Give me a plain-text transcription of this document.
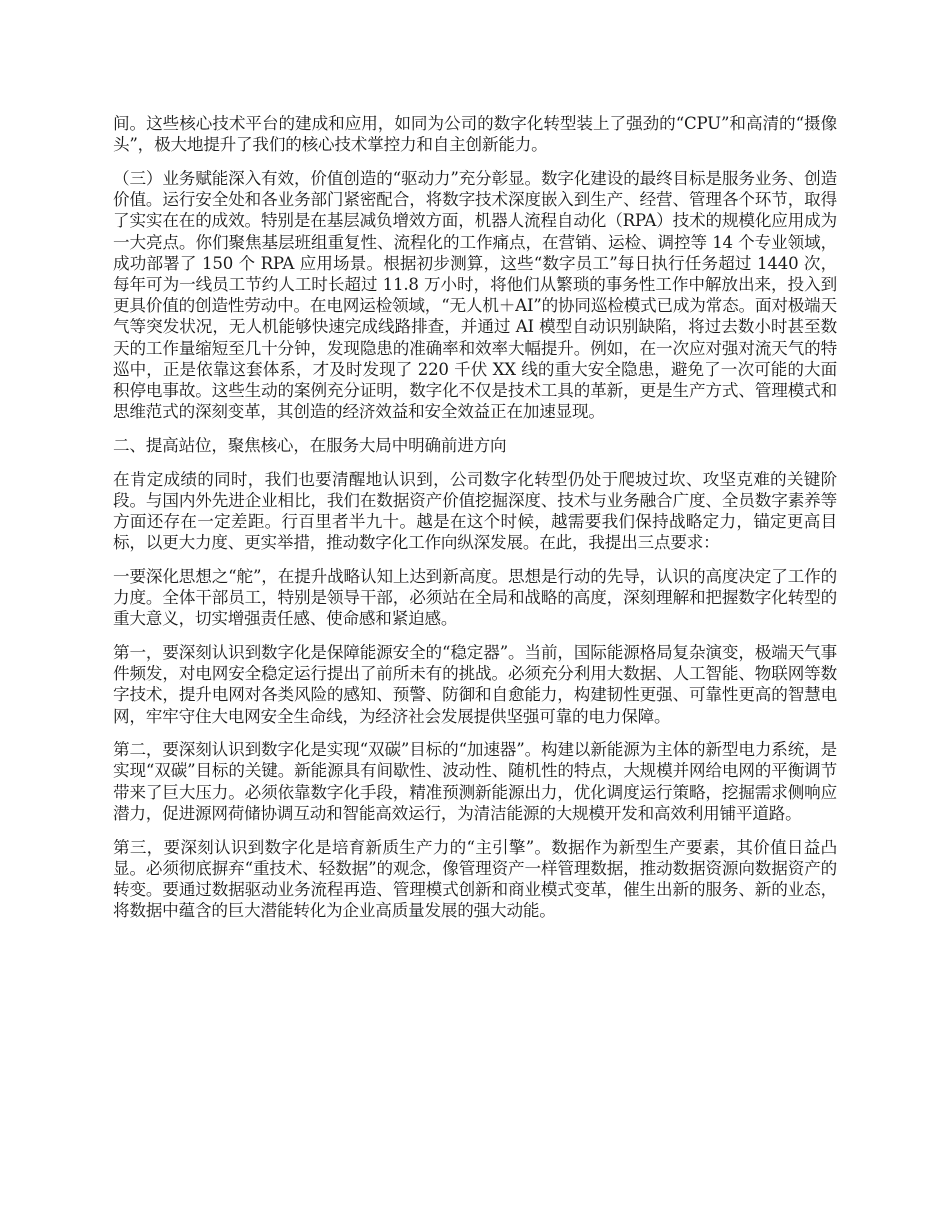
间。这些核心技术平台的建成和应用，如同为公司的数字化转型装上了强劲的“CPU”和高清的“摄像头”，极大地提升了我们的核心技术掌控力和自主创新能力。

（三）业务赋能深入有效，价值创造的“驱动力”充分彰显。数字化建设的最终目标是服务业务、创造价值。运行安全处和各业务部门紧密配合，将数字技术深度嵌入到生产、经营、管理各个环节，取得了实实在在的成效。特别是在基层减负增效方面，机器人流程自动化（RPA）技术的规模化应用成为一大亮点。你们聚焦基层班组重复性、流程化的工作痛点，在营销、运检、调控等 14 个专业领域，成功部署了 150 个 RPA 应用场景。根据初步测算，这些“数字员工”每日执行任务超过 1440 次，每年可为一线员工节约人工时长超过 11.8 万小时，将他们从繁琐的事务性工作中解放出来，投入到更具价值的创造性劳动中。在电网运检领域，“无人机＋AI”的协同巡检模式已成为常态。面对极端天气等突发状况，无人机能够快速完成线路排查，并通过 AI 模型自动识别缺陷，将过去数小时甚至数天的工作量缩短至几十分钟，发现隐患的准确率和效率大幅提升。例如，在一次应对强对流天气的特巡中，正是依靠这套体系，才及时发现了 220 千伏 XX 线的重大安全隐患，避免了一次可能的大面积停电事故。这些生动的案例充分证明，数字化不仅是技术工具的革新，更是生产方式、管理模式和思维范式的深刻变革，其创造的经济效益和安全效益正在加速显现。

二、提高站位，聚焦核心，在服务大局中明确前进方向

在肯定成绩的同时，我们也要清醒地认识到，公司数字化转型仍处于爬坡过坎、攻坚克难的关键阶段。与国内外先进企业相比，我们在数据资产价值挖掘深度、技术与业务融合广度、全员数字素养等方面还存在一定差距。行百里者半九十。越是在这个时候，越需要我们保持战略定力，锚定更高目标，以更大力度、更实举措，推动数字化工作向纵深发展。在此，我提出三点要求：

一要深化思想之“舵”，在提升战略认知上达到新高度。思想是行动的先导，认识的高度决定了工作的力度。全体干部员工，特别是领导干部，必须站在全局和战略的高度，深刻理解和把握数字化转型的重大意义，切实增强责任感、使命感和紧迫感。

第一，要深刻认识到数字化是保障能源安全的“稳定器”。当前，国际能源格局复杂演变，极端天气事件频发，对电网安全稳定运行提出了前所未有的挑战。必须充分利用大数据、人工智能、物联网等数字技术，提升电网对各类风险的感知、预警、防御和自愈能力，构建韧性更强、可靠性更高的智慧电网，牢牢守住大电网安全生命线，为经济社会发展提供坚强可靠的电力保障。

第二，要深刻认识到数字化是实现“双碳”目标的“加速器”。构建以新能源为主体的新型电力系统，是实现“双碳”目标的关键。新能源具有间歇性、波动性、随机性的特点，大规模并网给电网的平衡调节带来了巨大压力。必须依靠数字化手段，精准预测新能源出力，优化调度运行策略，挖掘需求侧响应潜力，促进源网荷储协调互动和智能高效运行，为清洁能源的大规模开发和高效利用铺平道路。

第三，要深刻认识到数字化是培育新质生产力的“主引擎”。数据作为新型生产要素，其价值日益凸显。必须彻底摒弃“重技术、轻数据”的观念，像管理资产一样管理数据，推动数据资源向数据资产的转变。要通过数据驱动业务流程再造、管理模式创新和商业模式变革，催生出新的服务、新的业态，将数据中蕴含的巨大潜能转化为企业高质量发展的强大动能。
